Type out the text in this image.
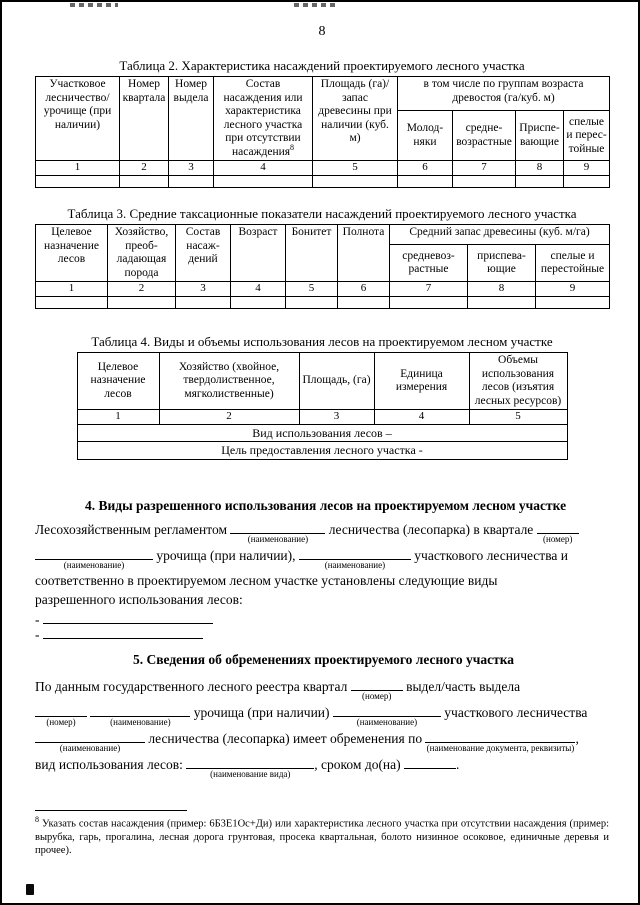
8
Таблица 2. Характеристика насаждений проектируемого лесного участка
Участковое лесничество/ урочище (при наличии)	Номер квартала	Номер выдела	Состав насаждения или характеристика лесного участка при отсутствии насаждения$^8$	Площадь (га)/ запас древесины при наличии (куб. м)	в том числе по группам возраста древостоя (га/куб. м)			
					Молод-няки	средне-возрастные	Приспе-вающие	спелые и перес-тойные
1	2	3	4	5	6	7	8	9

Таблица 3. Средние таксационные показатели насаждений проектируемого лесного участка
Целевое назначение лесов	Хозяйство, преоб-ладающая порода	Состав насаж-дений	Возраст	Бонитет	Полнота	Средний запас древесины (куб. м/га)		
						средневоз-растные	приспева-ющие	спелые и перестойные
1	2	3	4	5	6	7	8	9

Таблица 4. Виды и объемы использования лесов на проектируемом лесном участке
Целевое назначение лесов	Хозяйство (хвойное, твердолиственное, мягколиственные)	Площадь, (га)	Единица измерения	Объемы использования лесов (изъятия лесных ресурсов)
1	2	3	4	5
Вид использования лесов –				
Цель предоставления лесного участка -				
4. Виды разрешенного использования лесов на проектируемом лесном участке
Лесохозяйственным регламентом
(наименование)
лесничества (лесопарка) в квартале
(номер)
(наименование)
урочища (при наличии),
(наименование)
участкового лесничества и
соответственно в проектируемом лесном участке установлены следующие виды
разрешенного использования лесов:
-
-
5. Сведения об обременениях проектируемого лесного участка
По данным государственного лесного реестра квартал
(номер)
выдел/часть выдела
(номер)
	(наименование)
урочища (при наличии)
(наименование)
участкового лесничества
(наименование)
лесничества (лесопарка) имеет обременения по
(наименование документа, реквизиты)
,
вид использования лесов:
(наименование вида)
, сроком до(на)	.
$^8$ Указать состав насаждения (пример: 6Б3Е1Ос+Ди) или характеристика лесного участка при отсутствии насаждения (пример: вырубка, гарь, прогалина, лесная дорога грунтовая, просека квартальная, болото низинное осоковое, единичные деревья и прочее).
